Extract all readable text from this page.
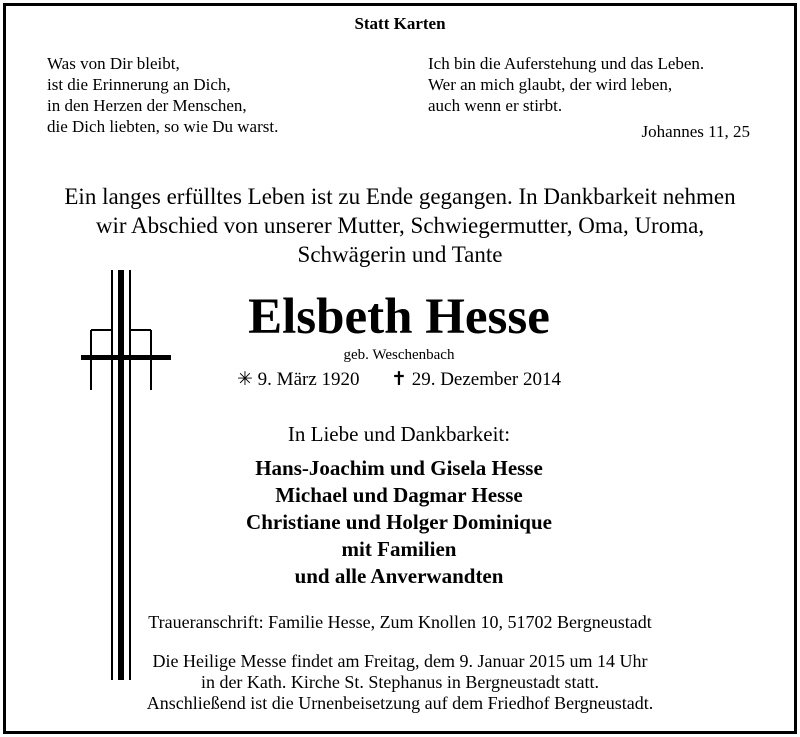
Statt Karten
Was von Dir bleibt,
ist die Erinnerung an Dich,
in den Herzen der Menschen,
die Dich liebten, so wie Du warst.
Ich bin die Auferstehung und das Leben.
Wer an mich glaubt, der wird leben,
auch wenn er stirbt.
Johannes 11, 25
Ein langes erfülltes Leben ist zu Ende gegangen. In Dankbarkeit nehmen
wir Abschied von unserer Mutter, Schwiegermutter, Oma, Uroma,
Schwägerin und Tante
Elsbeth Hesse
geb. Weschenbach
✳ 9. März 1920 ✝ 29. Dezember 2014
In Liebe und Dankbarkeit:
Hans-Joachim und Gisela Hesse
Michael und Dagmar Hesse
Christiane und Holger Dominique
mit Familien
und alle Anverwandten
Traueranschrift: Familie Hesse, Zum Knollen 10, 51702 Bergneustadt
Die Heilige Messe findet am Freitag, dem 9. Januar 2015 um 14 Uhr
in der Kath. Kirche St. Stephanus in Bergneustadt statt.
Anschließend ist die Urnenbeisetzung auf dem Friedhof Bergneustadt.
